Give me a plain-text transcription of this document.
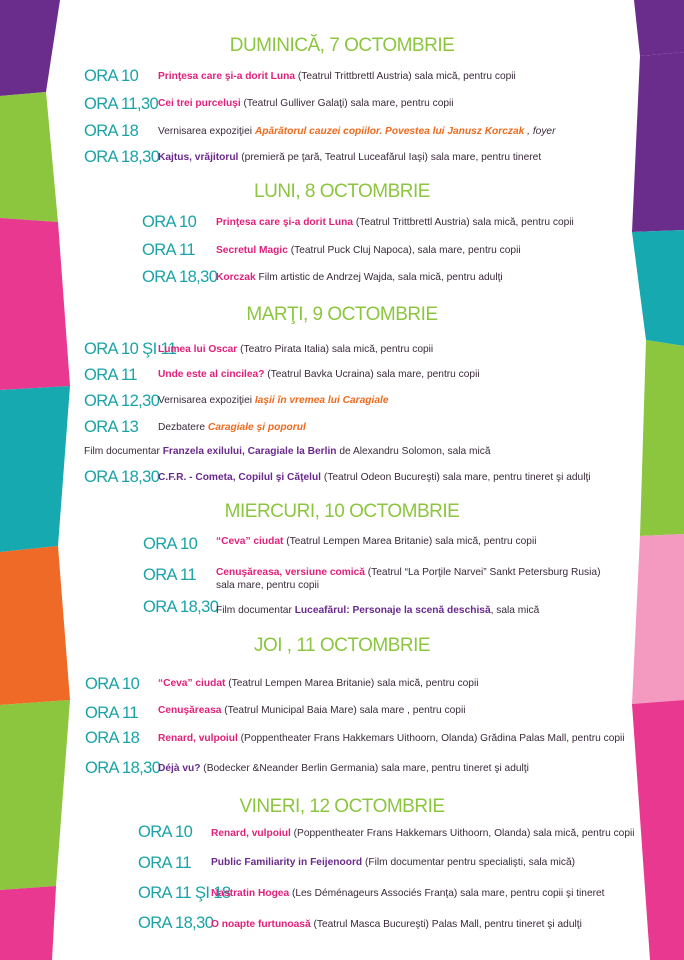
DUMINICĂ, 7 OCTOMBRIE
LUNI, 8 OCTOMBRIE
MARŢI, 9 OCTOMBRIE
MIERCURI, 10 OCTOMBRIE
JOI , 11 OCTOMBRIE
VINERI, 12 OCTOMBRIE
ORA 10 Prinţesa care şi-a dorit Luna (Teatrul Trittbrettl Austria) sala mică, pentru copii
ORA 11,30 Cei trei purceluşi (Teatrul Gulliver Galaţi) sala mare, pentru copii
ORA 18 Vernisarea expoziţiei Apărătorul cauzei copiilor. Povestea lui Janusz Korczak , foyer
ORA 18,30
Kajtus, vrăjitorul (premieră pe ţară, Teatrul Luceafărul Iaşi) sala mare, pentru tineret
ORA 10 Prinţesa care şi-a dorit Luna (Teatrul Trittbrettl Austria) sala mică, pentru copii
ORA 11 Secretul Magic (Teatrul Puck Cluj Napoca), sala mare, pentru copii
ORA 18,30
Korczak Film artistic de Andrzej Wajda, sala mică, pentru adulţi
ORA 10 ŞI 11
Lumea lui Oscar (Teatro Pirata Italia) sala mică, pentru copii
ORA 11 Unde este al cincilea? (Teatrul Bavka Ucraina) sala mare, pentru copii
ORA 12,30
Vernisarea expoziţiei Iaşii în vremea lui Caragiale
ORA 13 Dezbatere Caragiale şi poporul
Film documentar Franzela exilului, Caragiale la Berlin de Alexandru Solomon, sala mică
ORA 18,30
C.F.R. - Cometa, Copilul şi Căţelul (Teatrul Odeon Bucureşti) sala mare, pentru tineret şi adulţi
ORA 10 “Ceva” ciudat (Teatrul Lempen Marea Britanie) sala mică, pentru copii
ORA 11 Cenuşăreasa, versiune comică (Teatrul “La Porţile Narvei” Sankt Petersburg Rusia)
sala mare, pentru copii
ORA 18,30
Film documentar Luceafărul: Personaje la scenă deschisă, sala mică
ORA 10 “Ceva” ciudat (Teatrul Lempen Marea Britanie) sala mică, pentru copii
ORA 11 Cenuşăreasa (Teatrul Municipal Baia Mare) sala mare , pentru copii
ORA 18 Renard, vulpoiul (Poppentheater Frans Hakkemars Uithoorn, Olanda) Grădina Palas Mall, pentru copii
ORA 18,30
Déjà vu? (Bodecker &Neander Berlin Germania) sala mare, pentru tineret şi adulţi
ORA 10 Renard, vulpoiul (Poppentheater Frans Hakkemars Uithoorn, Olanda) sala mică, pentru copii
ORA 11 Public Familiarity in Feijenoord (Film documentar pentru specialişti, sala mică)
ORA 11 ŞI 18
Nastratin Hogea (Les Déménageurs Associés Franţa) sala mare, pentru copii şi tineret
ORA 18,30
O noapte furtunoasă (Teatrul Masca Bucureşti) Palas Mall, pentru tineret şi adulţi
